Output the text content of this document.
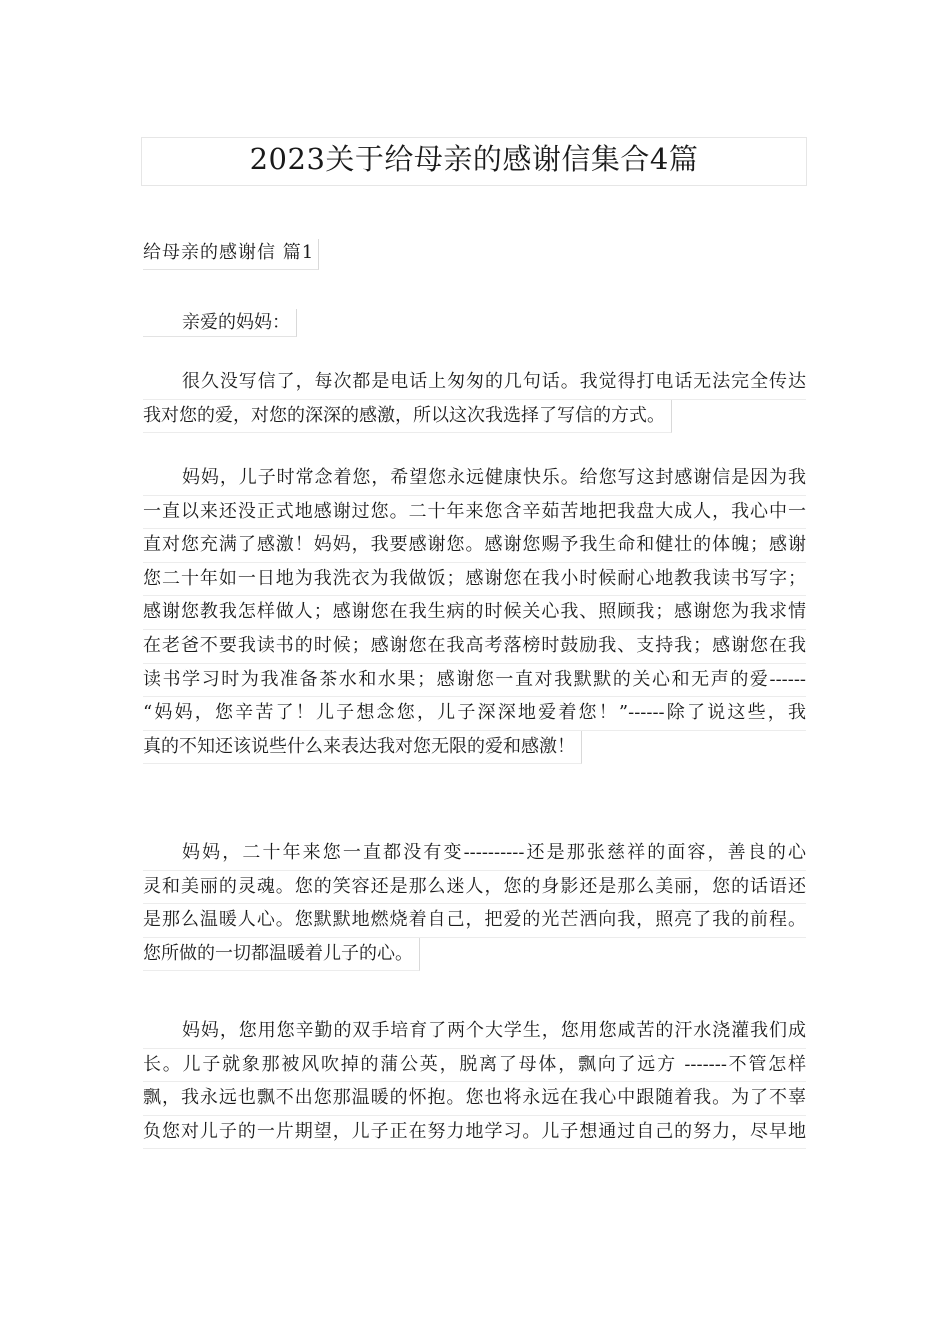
2023关于给母亲的感谢信集合4篇
给母亲的感谢信 篇1
亲爱的妈妈：
很久没写信了，每次都是电话上匆匆的几句话。我觉得打电话无法完全传达
我对您的爱，对您的深深的感激，所以这次我选择了写信的方式。
妈妈，儿子时常念着您，希望您永远健康快乐。给您写这封感谢信是因为我
一直以来还没正式地感谢过您。二十年来您含辛茹苦地把我盘大成人，我心中一
直对您充满了感激！妈妈，我要感谢您。感谢您赐予我生命和健壮的体魄；感谢
您二十年如一日地为我洗衣为我做饭；感谢您在我小时候耐心地教我读书写字；
感谢您教我怎样做人；感谢您在我生病的时候关心我、照顾我；感谢您为我求情
在老爸不要我读书的时候；感谢您在我高考落榜时鼓励我、支持我；感谢您在我
读书学习时为我准备茶水和水果；感谢您一直对我默默的关心和无声的爱------
“妈妈，您辛苦了！儿子想念您，儿子深深地爱着您！”------除了说这些，我
真的不知还该说些什么来表达我对您无限的爱和感激！
妈妈，二十年来您一直都没有变----------还是那张慈祥的面容，善良的心
灵和美丽的灵魂。您的笑容还是那么迷人，您的身影还是那么美丽，您的话语还
是那么温暖人心。您默默地燃烧着自己，把爱的光芒洒向我，照亮了我的前程。
您所做的一切都温暖着儿子的心。
妈妈，您用您辛勤的双手培育了两个大学生，您用您咸苦的汗水浇灌我们成
长。儿子就象那被风吹掉的蒲公英，脱离了母体，飘向了远方 -------不管怎样
飘，我永远也飘不出您那温暖的怀抱。您也将永远在我心中跟随着我。为了不辜
负您对儿子的一片期望，儿子正在努力地学习。儿子想通过自己的努力，尽早地
